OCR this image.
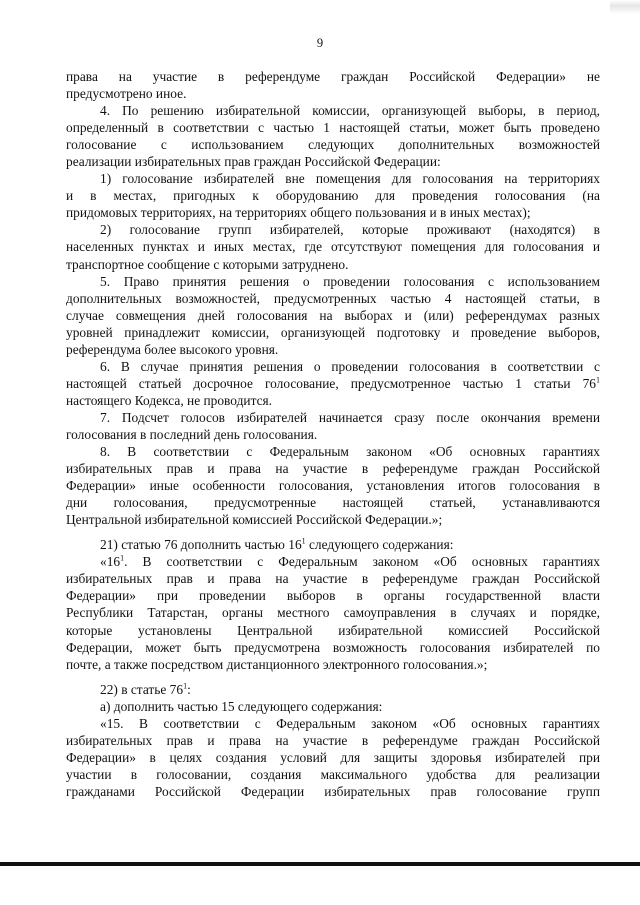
9
права на участие в референдуме граждан Российской Федерации» не
предусмотрено иное.
4. По решению избирательной комиссии, организующей выборы, в период,
определенный в соответствии с частью 1 настоящей статьи, может быть проведено
голосование с использованием следующих дополнительных возможностей
реализации избирательных прав граждан Российской Федерации:
1) голосование избирателей вне помещения для голосования на территориях
и в местах, пригодных к оборудованию для проведения голосования (на
придомовых территориях, на территориях общего пользования и в иных местах);
2) голосование групп избирателей, которые проживают (находятся) в
населенных пунктах и иных местах, где отсутствуют помещения для голосования и
транспортное сообщение с которыми затруднено.
5. Право принятия решения о проведении голосования с использованием
дополнительных возможностей, предусмотренных частью 4 настоящей статьи, в
случае совмещения дней голосования на выборах и (или) референдумах разных
уровней принадлежит комиссии, организующей подготовку и проведение выборов,
референдума более высокого уровня.
6. В случае принятия решения о проведении голосования в соответствии с
настоящей статьей досрочное голосование, предусмотренное частью 1 статьи $76^1$
настоящего Кодекса, не проводится.
7. Подсчет голосов избирателей начинается сразу после окончания времени
голосования в последний день голосования.
8. В соответствии с Федеральным законом «Об основных гарантиях
избирательных прав и права на участие в референдуме граждан Российской
Федерации» иные особенности голосования, установления итогов голосования в
дни голосования, предусмотренные настоящей статьей, устанавливаются
Центральной избирательной комиссией Российской Федерации.»;
21) статью 76 дополнить частью $16^1$ следующего содержания:
«$16^1$. В соответствии с Федеральным законом «Об основных гарантиях
избирательных прав и права на участие в референдуме граждан Российской
Федерации» при проведении выборов в органы государственной власти
Республики Татарстан, органы местного самоуправления в случаях и порядке,
которые установлены Центральной избирательной комиссией Российской
Федерации, может быть предусмотрена возможность голосования избирателей по
почте, а также посредством дистанционного электронного голосования.»;
22) в статье $76^1$:
а) дополнить частью 15 следующего содержания:
«15. В соответствии с Федеральным законом «Об основных гарантиях
избирательных прав и права на участие в референдуме граждан Российской
Федерации» в целях создания условий для защиты здоровья избирателей при
участии в голосовании, создания максимального удобства для реализации
гражданами Российской Федерации избирательных прав голосование групп
